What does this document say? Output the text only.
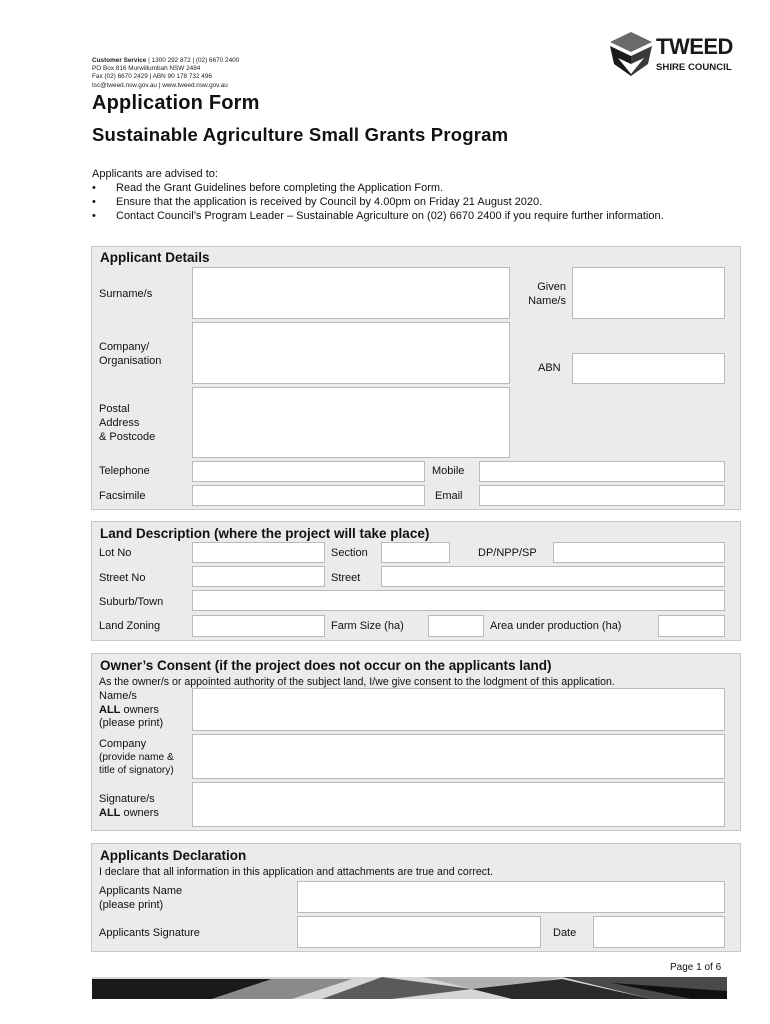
Customer Service | 1300 292 872 | (02) 6670 2400
PO Box 816 Murwillumbah NSW 2484
Fax (02) 6670 2429 | ABN 90 178 732 496
tsc@tweed.nsw.gov.au | www.tweed.nsw.gov.au
TWEED
SHIRE COUNCIL
Application Form
Sustainable Agriculture Small Grants Program
Applicants are advised to:
• Read the Grant Guidelines before completing the Application Form.
• Ensure that the application is received by Council by 4.00pm on Friday 21 August 2020.
• Contact Council’s Program Leader – Sustainable Agriculture on (02) 6670 2400 if you require further information.
Applicant Details
Surname/s
Given
Name/s
Company/
Organisation
ABN
Postal
Address
& Postcode
Telephone	Mobile
Facsimile	Email
Land Description (where the project will take place)
Lot No	Section	DP/NPP/SP
Street No	Street
Suburb/Town
Land Zoning	Farm Size (ha)	Area under production (ha)
Owner’s Consent (if the project does not occur on the applicants land)
As the owner/s or appointed authority of the subject land, I/we give consent to the lodgment of this application.
Name/s
ALL owners
(please print)
Company
(provide name &
title of signatory)
Signature/s
ALL owners
Applicants Declaration
I declare that all information in this application and attachments are true and correct.
Applicants Name
(please print)
Applicants Signature	Date
Page 1 of 6
